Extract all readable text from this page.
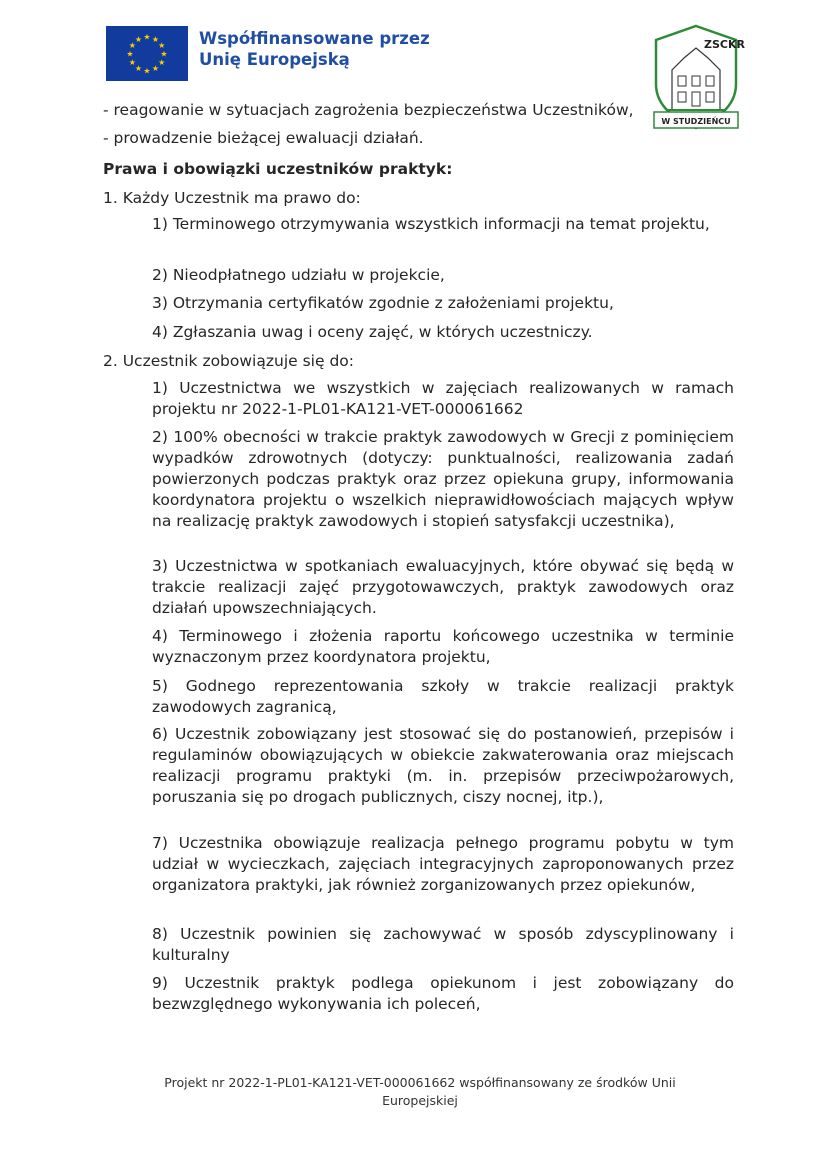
★ ★
★
★
★
★
★
★
★
★
★
★	Współfinansowane przez
Unię Europejską
ZSCKR
W STUDZIEŃCU
- reagowanie w sytuacjach zagrożenia bezpieczeństwa Uczestników,
- prowadzenie bieżącej ewaluacji działań.
Prawa i obowiązki uczestników praktyk:
1. Każdy Uczestnik ma prawo do:
1) Terminowego otrzymywania wszystkich informacji na temat projektu,
2) Nieodpłatnego udziału w projekcie,
3) Otrzymania certyfikatów zgodnie z założeniami projektu,
4) Zgłaszania uwag i oceny zajęć, w których uczestniczy.
2. Uczestnik zobowiązuje się do:
1) Uczestnictwa we wszystkich w zajęciach realizowanych w ramach projektu nr 2022-1-PL01-KA121-VET-000061662
2) 100% obecności w trakcie praktyk zawodowych w Grecji z pominięciem wypadków zdrowotnych (dotyczy: punktualności, realizowania zadań powierzonych podczas praktyk oraz przez opiekuna grupy, informowania koordynatora projektu o wszelkich nieprawidłowościach mających wpływ na realizację praktyk zawodowych i stopień satysfakcji uczestnika),
3) Uczestnictwa w spotkaniach ewaluacyjnych, które obywać się będą w trakcie realizacji zajęć przygotowawczych, praktyk zawodowych oraz działań upowszechniających.
4) Terminowego i złożenia raportu końcowego uczestnika w terminie wyznaczonym przez koordynatora projektu,
5) Godnego reprezentowania szkoły w trakcie realizacji praktyk zawodowych zagranicą,
6) Uczestnik zobowiązany jest stosować się do postanowień, przepisów i regulaminów obowiązujących w obiekcie zakwaterowania oraz miejscach realizacji programu praktyki (m. in. przepisów przeciwpożarowych, poruszania się po drogach publicznych, ciszy nocnej, itp.),
7) Uczestnika obowiązuje realizacja pełnego programu pobytu w tym udział w wycieczkach, zajęciach integracyjnych zaproponowanych przez organizatora praktyki, jak również zorganizowanych przez opiekunów,
8) Uczestnik powinien się zachowywać w sposób zdyscyplinowany i kulturalny
9) Uczestnik praktyk podlega opiekunom i jest zobowiązany do bezwzględnego wykonywania ich poleceń,
Projekt nr 2022-1-PL01-KA121-VET-000061662 współfinansowany ze środków Unii
Europejskiej
